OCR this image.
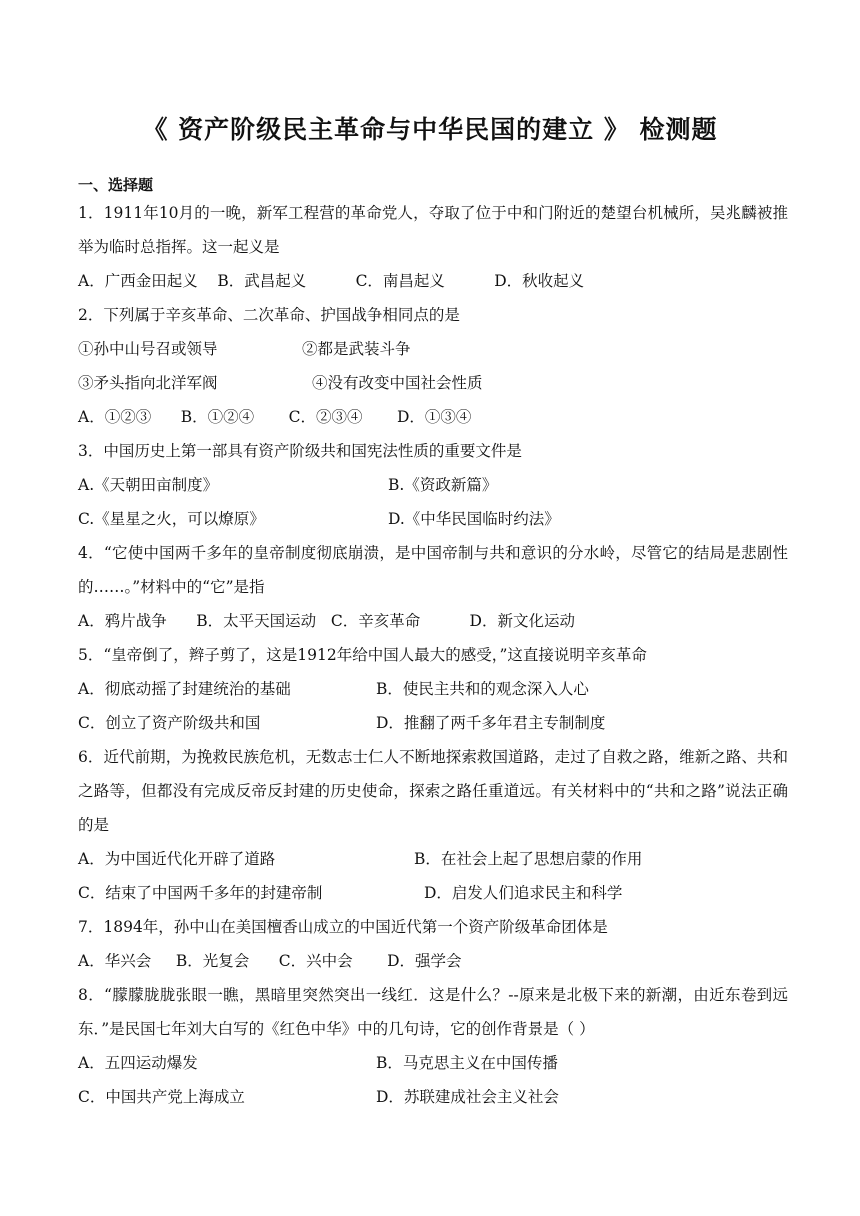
《 资产阶级民主革命与中华民国的建立 》 检测题
一、选择题
1．1911年10月的一晚，新军工程营的革命党人，夺取了位于中和门附近的楚望台机械所，吴兆麟被推举为临时总指挥。这一起义是
A．广西金田起义    B．武昌起义          C．南昌起义          D．秋收起义
2．下列属于辛亥革命、二次革命、护国战争相同点的是
①孙中山号召或领导	②都是武装斗争
③矛头指向北洋军阀	④没有改变中国社会性质
A．①②③      B．①②④       C．②③④       D．①③④
3．中国历史上第一部具有资产阶级共和国宪法性质的重要文件是
A.《天朝田亩制度》	B.《资政新篇》
C.《星星之火，可以燎原》	D.《中华民国临时约法》
4．“它使中国两千多年的皇帝制度彻底崩溃，是中国帝制与共和意识的分水岭，尽管它的结局是悲剧性的……。”材料中的“它”是指
A．鸦片战争      B．太平天国运动   C．辛亥革命          D．新文化运动
5．“皇帝倒了，辫子剪了，这是1912年给中国人最大的感受，”这直接说明辛亥革命
A．彻底动摇了封建统治的基础	B．使民主共和的观念深入人心
C．创立了资产阶级共和国	D．推翻了两千多年君主专制制度
6．近代前期，为挽救民族危机，无数志士仁人不断地探索救国道路，走过了自救之路，维新之路、共和之路等，但都没有完成反帝反封建的历史使命，探索之路任重道远。有关材料中的“共和之路”说法正确的是
A．为中国近代化开辟了道路	B．在社会上起了思想启蒙的作用
C．结束了中国两千多年的封建帝制	D．启发人们追求民主和科学
7．1894年，孙中山在美国檀香山成立的中国近代第一个资产阶级革命团体是
A．华兴会     B．光复会      C．兴中会       D．强学会
8．“朦朦胧胧张眼一瞧，黑暗里突然突出一线红．这是什么？--原来是北极下来的新潮，由近东卷到远东．”是民国七年刘大白写的《红色中华》中的几句诗，它的创作背景是（ ）
A．五四运动爆发	B．马克思主义在中国传播
C．中国共产党上海成立	D．苏联建成社会主义社会
